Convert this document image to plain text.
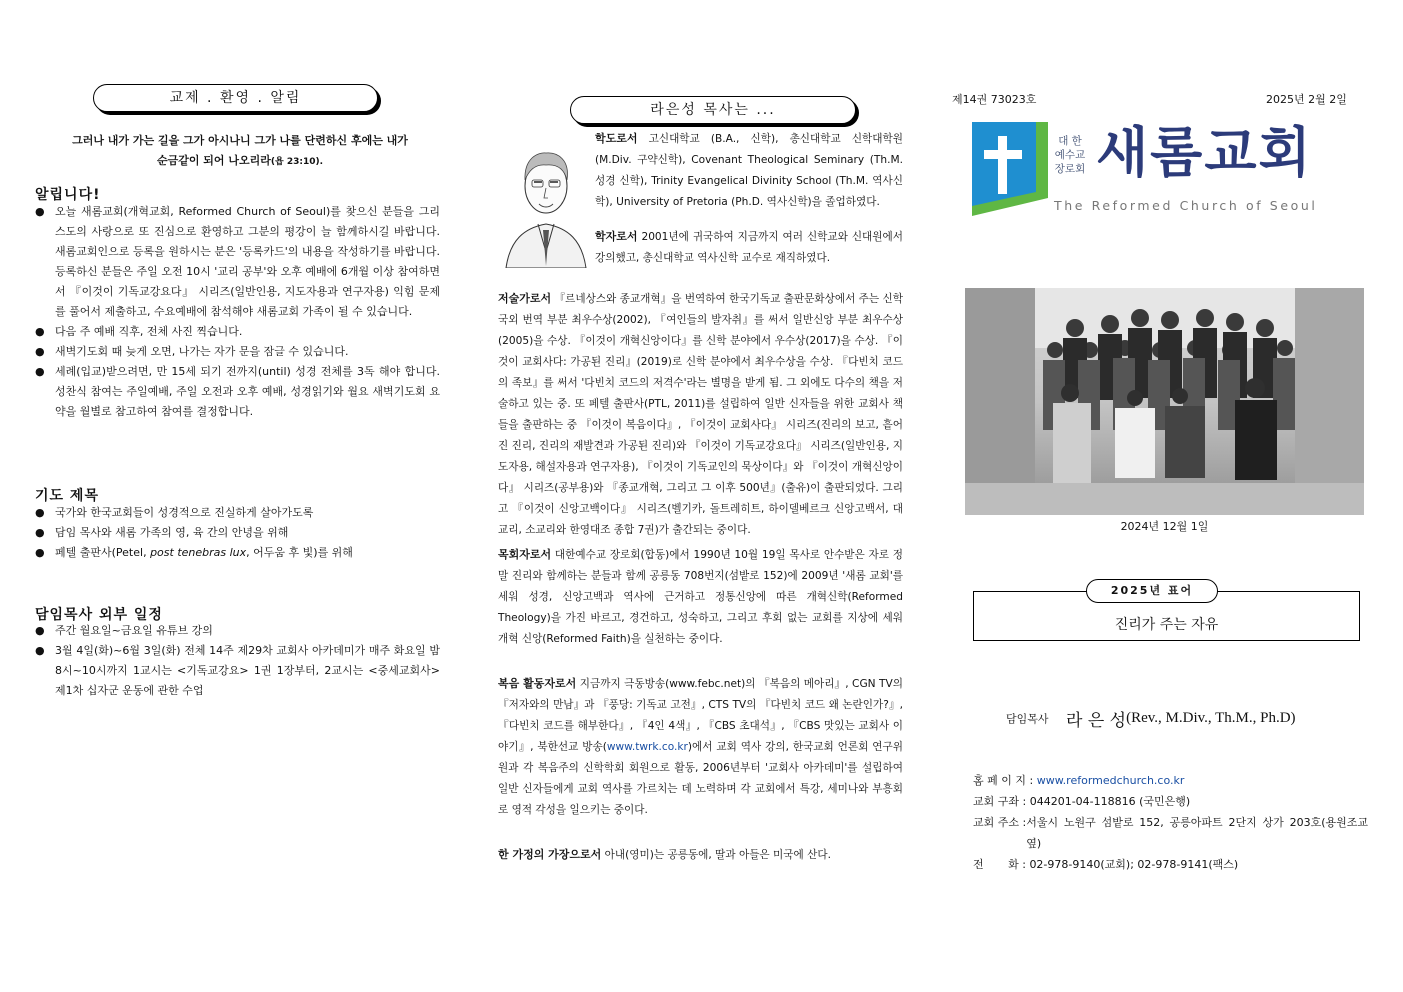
교제 . 환영 . 알림
그러나 내가 가는 길을 그가 아시나니 그가 나를 단련하신 후에는 내가
순금같이 되어 나오리라(욥 23:10).
알립니다!
● 오늘 새롬교회(개혁교회, Reformed Church of Seoul)를 찾으신 분들을 그리스도의 사랑으로 또 진심으로 환영하고 그분의 평강이 늘 함께하시길 바랍니다. 새롬교회인으로 등록을 원하시는 분은 '등록카드'의 내용을 작성하기를 바랍니다. 등록하신 분들은 주일 오전 10시 '교리 공부'와 오후 예배에 6개월 이상 참여하면서 『이것이 기독교강요다』 시리즈(일반인용, 지도자용과 연구자용) 익힘 문제를 풀어서 제출하고, 수요예배에 참석해야 새롬교회 가족이 될 수 있습니다.
● 다음 주 예배 직후, 전체 사진 찍습니다.
● 새벽기도회 때 늦게 오면, 나가는 자가 문을 잠글 수 있습니다.
● 세례(입교)받으려면, 만 15세 되기 전까지(until) 성경 전체를 3독 해야 합니다. 성찬식 참여는 주일예배, 주일 오전과 오후 예배, 성경읽기와 월요 새벽기도회 요약을 월별로 참고하여 참여를 결정합니다.
기도 제목
● 국가와 한국교회들이 성경적으로 진실하게 살아가도록
● 담임 목사와 새롬 가족의 영, 육 간의 안녕을 위해
● 페텔 출판사(Petel, post tenebras lux, 어두움 후 빛)를 위해
담임목사 외부 일정
● 주간 월요일~금요일 유튜브 강의
● 3월 4일(화)~6월 3일(화) 전체 14주 제29차 교회사 아카데미가 매주 화요일 밤 8시~10시까지 1교시는 <기독교강요> 1권 1장부터, 2교시는 <중세교회사> 제1차 십자군 운동에 관한 수업
라은성 목사는 ...

학도로서 고신대학교 (B.A., 신학), 총신대학교 신학대학원 (M.Div. 구약신학), Covenant Theological Seminary (Th.M. 성경 신학), Trinity Evangelical Divinity School (Th.M. 역사신학), University of Pretoria (Ph.D. 역사신학)을 졸업하였다.

학자로서 2001년에 귀국하여 지금까지 여러 신학교와 신대원에서 강의했고, 총신대학교 역사신학 교수로 재직하였다.

저술가로서 『르네상스와 종교개혁』을 번역하여 한국기독교 출판문화상에서 주는 신학 국외 번역 부분 최우수상(2002), 『여인들의 발자취』를 써서 일반신앙 부분 최우수상(2005)을 수상. 『이것이 개혁신앙이다』를 신학 분야에서 우수상(2017)을 수상. 『이것이 교회사다: 가공된 진리』(2019)로 신학 분야에서 최우수상을 수상. 『다빈치 코드의 족보』를 써서 '다빈치 코드의 저격수'라는 별명을 받게 됨. 그 외에도 다수의 책을 저술하고 있는 중. 또 페텔 출판사(PTL, 2011)를 설립하여 일반 신자들을 위한 교회사 책들을 출판하는 중 『이것이 복음이다』, 『이것이 교회사다』 시리즈(진리의 보고, 흩어진 진리, 진리의 재발견과 가공된 진리)와 『이것이 기독교강요다』 시리즈(일반인용, 지도자용, 해설자용과 연구자용), 『이것이 기독교인의 묵상이다』와 『이것이 개혁신앙이다』 시리즈(공부용)와 『종교개혁, 그리고 그 이후 500년』(출유)이 출판되었다. 그리고 『이것이 신앙고백이다』 시리즈(벨기카, 돌트레히트, 하이델베르크 신앙고백서, 대교리, 소교리와 한영대조 종합 7권)가 출간되는 중이다.

목회자로서 대한예수교 장로회(합동)에서 1990년 10월 19일 목사로 안수받은 자로 정말 진리와 함께하는 분들과 함께 공릉동 708번지(섬밭로 152)에 2009년 '새롬 교회'를 세워 성경, 신앙고백과 역사에 근거하고 정통신앙에 따른 개혁신학(Reformed Theology)을 가진 바르고, 경건하고, 성숙하고, 그리고 후회 없는 교회를 지상에 세워 개혁 신앙(Reformed Faith)을 실천하는 중이다.

복음 활동자로서 지금까지 극동방송(www.febc.net)의 『복음의 메아리』, CGN TV의 『저자와의 만남』과 『풍당: 기독교 고전』, CTS TV의 『다빈치 코드 왜 논란인가?』, 『다빈치 코드를 해부한다』, 『4인 4색』, 『CBS 초대석』, 『CBS 맛있는 교회사 이야기』, 북한선교 방송(www.twrk.co.kr)에서 교회 역사 강의, 한국교회 언론회 연구위원과 각 복음주의 신학학회 회원으로 활동, 2006년부터 '교회사 아카데미'를 설립하여 일반 신자들에게 교회 역사를 가르치는 데 노력하며 각 교회에서 특강, 세미나와 부흥회로 영적 각성을 일으키는 중이다.

한 가정의 가장으로서 아내(영미)는 공릉동에, 딸과 아들은 미국에 산다.

제14권 73023호	2025년 2월 2일
대 한
예수교
장로회 새롬교회
The Reformed Church of Seoul
2024년 12월 1일
진리가 주는 자유
2025년 표어
담임목사 라 은 성(Rev., M.Div., Th.M., Ph.D)
홈 페 이 지 : www.reformedchurch.co.kr
교회 구좌 : 044201-04-118816 (국민은행)
교회 주소 : 서울시 노원구 섬밭로 152, 공릉아파트 2단지 상가 203호(용원조교 옆)
전       화 : 02-978-9140(교회); 02-978-9141(팩스)
